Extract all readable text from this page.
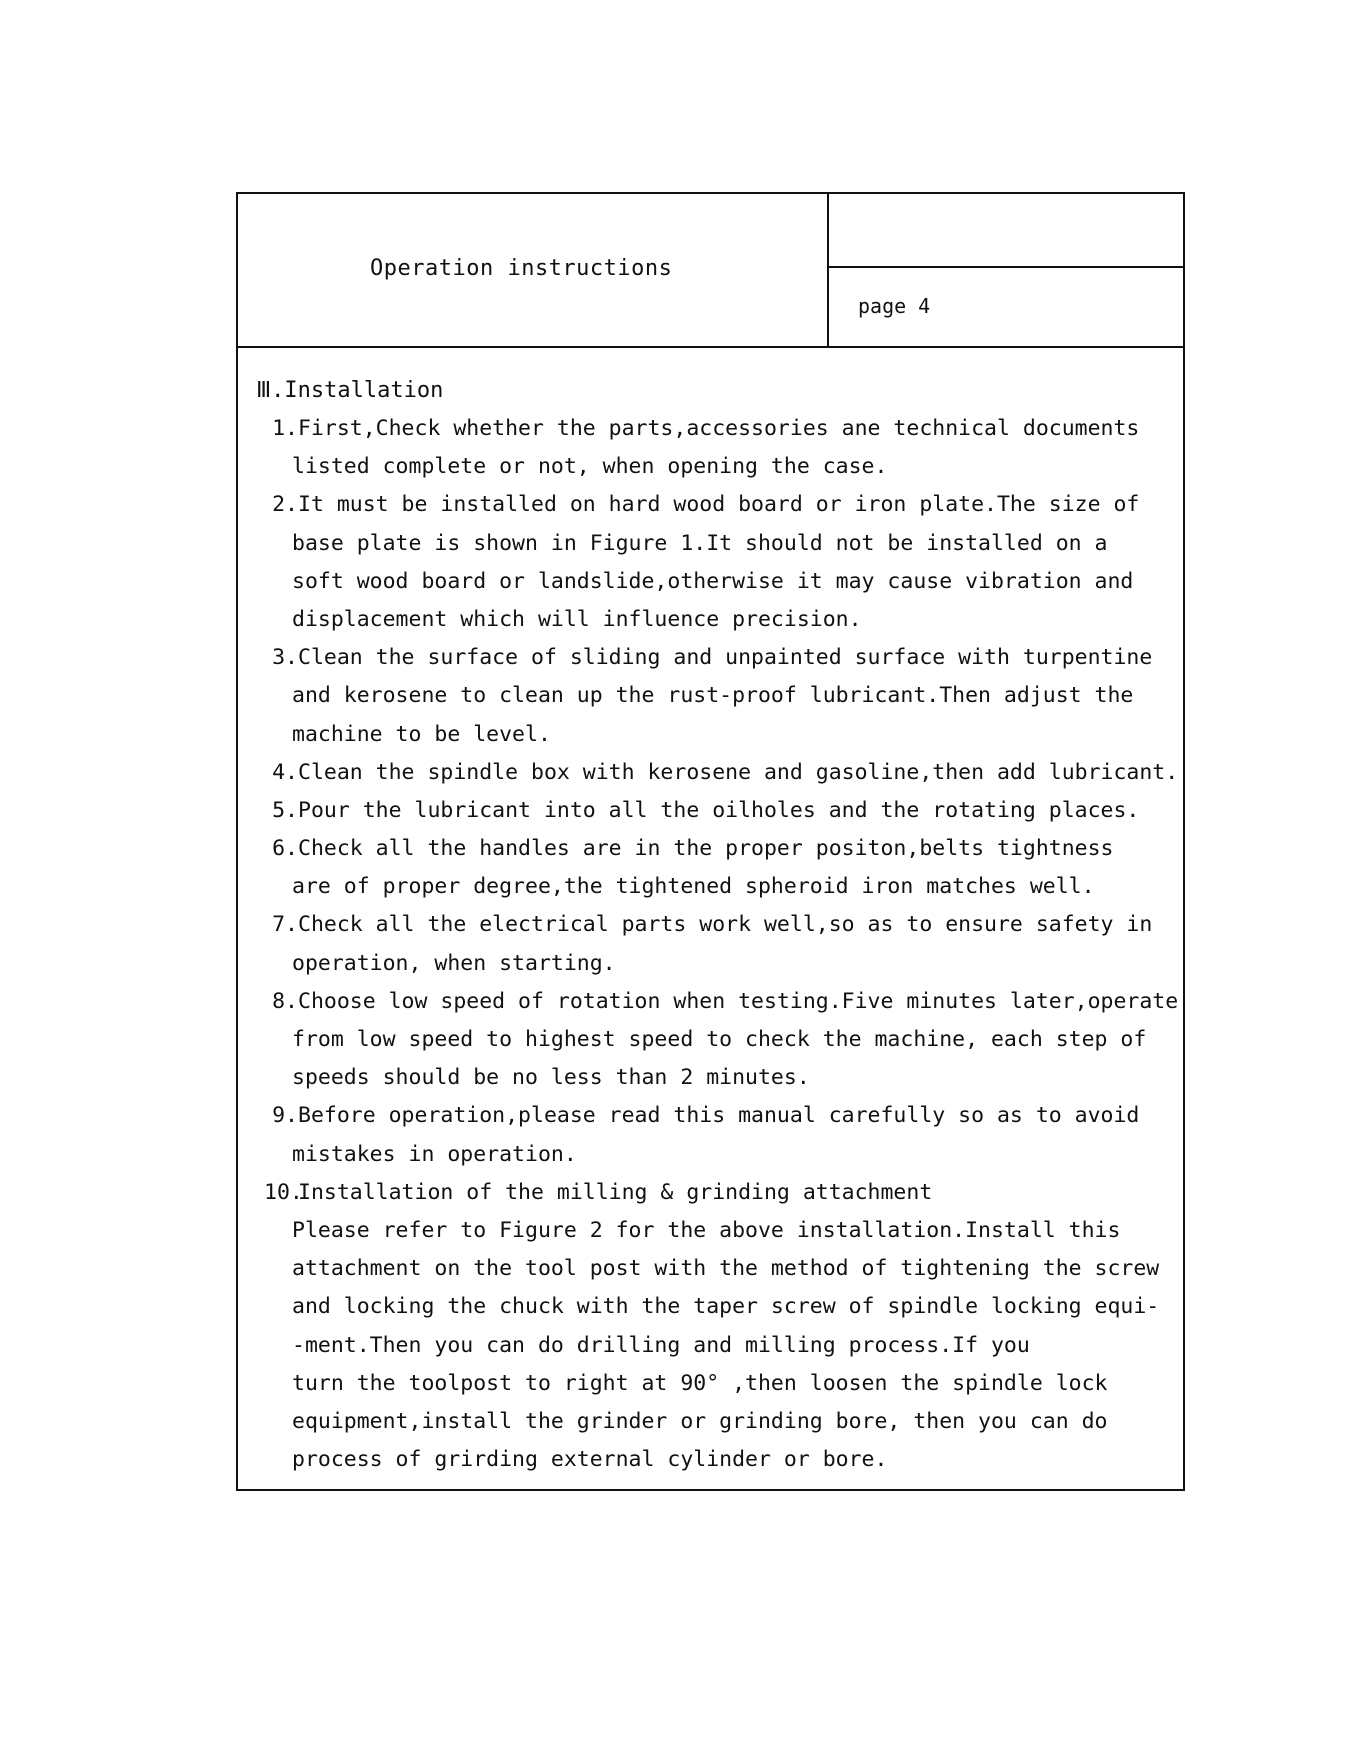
Operation instructions
page 4
Ⅲ.Installation
1.First,Check whether the parts,accessories ane technical documents
listed complete or not, when opening the case.
2.It must be installed on hard wood board or iron plate.The size of
base plate is shown in Figure 1.It should not be installed on a
soft wood board or landslide,otherwise it may cause vibration and
displacement which will influence precision.
3.Clean the surface of sliding and unpainted surface with turpentine
and kerosene to clean up the rust-proof lubricant.Then adjust the
machine to be level.
4.Clean the spindle box with kerosene and gasoline,then add lubricant.
5.Pour the lubricant into all the oilholes and the rotating places.
6.Check all the handles are in the proper positon,belts tightness
are of proper degree,the tightened spheroid iron matches well.
7.Check all the electrical parts work well,so as to ensure safety in
operation, when starting.
8.Choose low speed of rotation when testing.Five minutes later,operate
from low speed to highest speed to check the machine, each step of
speeds should be no less than 2 minutes.
9.Before operation,please read this manual carefully so as to avoid
mistakes in operation.
10.Installation of the milling & grinding attachment
Please refer to Figure 2 for the above installation.Install this
attachment on the tool post with the method of tightening the screw
and locking the chuck with the taper screw of spindle locking equi-
-ment.Then you can do drilling and milling process.If you
turn the toolpost to right at 90° ,then loosen the spindle lock
equipment,install the grinder or grinding bore, then you can do
process of grirding external cylinder or bore.
